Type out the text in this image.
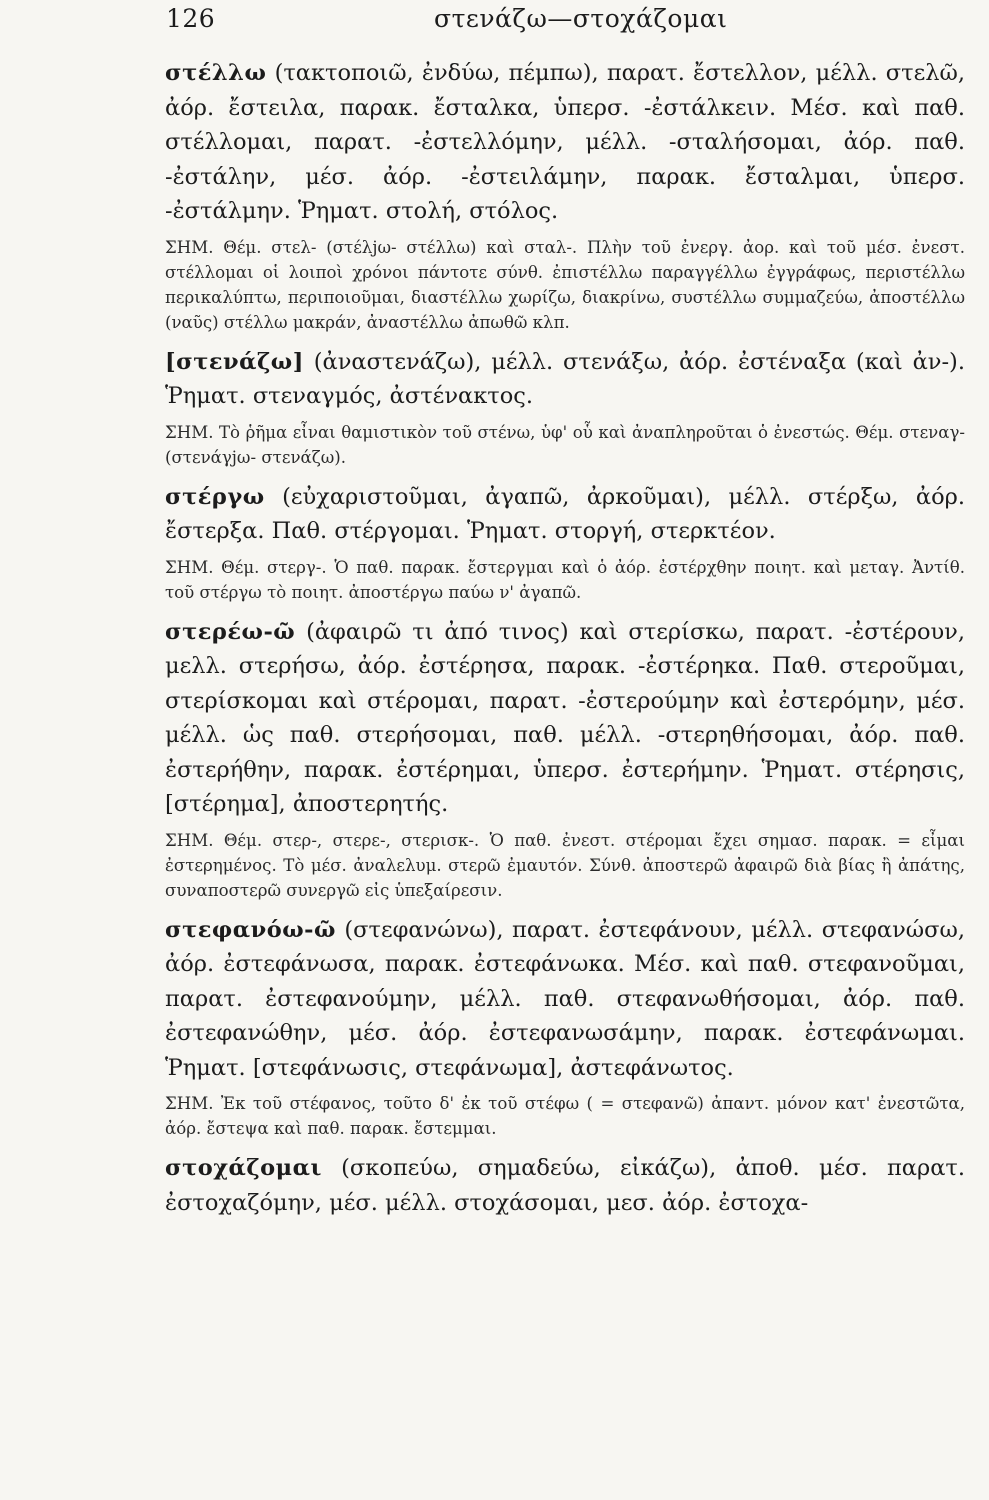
126	στενάζω—στοχάζομαι

στέλλω (τακτοποιῶ, ἐνδύω, πέμπω), παρατ. ἔστελλον, μέλλ. στελῶ, ἀόρ. ἔστειλα, παρακ. ἔσταλκα, ὑπερσ. -ἐστάλκειν. Μέσ. καὶ παθ. στέλλομαι, παρατ. -ἐστελλόμην, μέλλ. -σταλήσομαι, ἀόρ. παθ. -ἐστάλην, μέσ. ἀόρ. -ἐστειλάμην, παρακ. ἔσταλμαι, ὑπερσ. -ἐστάλμην. Ῥηματ. στολή, στόλος.

ΣΗΜ. Θέμ. στελ- (στέλjω- στέλλω) καὶ σταλ-. Πλὴν τοῦ ἐνεργ. ἀορ. καὶ τοῦ μέσ. ἐνεστ. στέλλομαι οἱ λοιποὶ χρόνοι πάντοτε σύνθ. ἐπιστέλλω παραγγέλλω ἐγγράφως, περιστέλλω περικαλύπτω, περιποιοῦμαι, διαστέλλω χωρίζω, διακρίνω, συστέλλω συμμαζεύω, ἀποστέλλω (ναῦς) στέλλω μακράν, ἀναστέλλω ἀπωθῶ κλπ.

[στενάζω] (ἀναστενάζω), μέλλ. στενάξω, ἀόρ. ἐστέναξα (καὶ ἀν-). Ῥηματ. στεναγμός, ἀστένακτος.

ΣΗΜ. Τὸ ῥῆμα εἶναι θαμιστικὸν τοῦ στένω, ὑφ' οὗ καὶ ἀναπληροῦται ὁ ἐνεστώς. Θέμ. στεναγ- (στενάγjω- στενάζω).

στέργω (εὐχαριστοῦμαι, ἀγαπῶ, ἀρκοῦμαι), μέλλ. στέρξω, ἀόρ. ἔστερξα. Παθ. στέργομαι. Ῥηματ. στοργή, στερκτέον.

ΣΗΜ. Θέμ. στεργ-. Ὁ παθ. παρακ. ἔστεργμαι καὶ ὁ ἀόρ. ἐστέρχθην ποιητ. καὶ μεταγ. Ἀντίθ. τοῦ στέργω τὸ ποιητ. ἀποστέργω παύω ν' ἀγαπῶ.

στερέω-ῶ (ἀφαιρῶ τι ἀπό τινος) καὶ στερίσκω, παρατ. -ἐστέρουν, μελλ. στερήσω, ἀόρ. ἐστέρησα, παρακ. -ἐστέρηκα. Παθ. στεροῦμαι, στερίσκομαι καὶ στέρομαι, παρατ. -ἐστερούμην καὶ ἐστερόμην, μέσ. μέλλ. ὡς παθ. στερήσομαι, παθ. μέλλ. -στερηθήσομαι, ἀόρ. παθ. ἐστερήθην, παρακ. ἐστέρημαι, ὑπερσ. ἐστερήμην. Ῥηματ. στέρησις, [στέρημα], ἀποστερητής.

ΣΗΜ. Θέμ. στερ-, στερε-, στερισκ-. Ὁ παθ. ἐνεστ. στέρομαι ἔχει σημασ. παρακ. = εἶμαι ἐστερημένος. Τὸ μέσ. ἀναλελυμ. στερῶ ἐμαυτόν. Σύνθ. ἀποστερῶ ἀφαιρῶ διὰ βίας ἢ ἀπάτης, συναποστερῶ συνεργῶ εἰς ὑπεξαίρεσιν.

στεφανόω-ῶ (στεφανώνω), παρατ. ἐστεφάνουν, μέλλ. στεφανώσω, ἀόρ. ἐστεφάνωσα, παρακ. ἐστεφάνωκα. Μέσ. καὶ παθ. στεφανοῦμαι, παρατ. ἐστεφανούμην, μέλλ. παθ. στεφανωθήσομαι, ἀόρ. παθ. ἐστεφανώθην, μέσ. ἀόρ. ἐστεφανωσάμην, παρακ. ἐστεφάνωμαι. Ῥηματ. [στεφάνωσις, στεφάνωμα], ἀστεφάνωτος.

ΣΗΜ. Ἐκ τοῦ στέφανος, τοῦτο δ' ἐκ τοῦ στέφω ( = στεφανῶ) ἀπαντ. μόνον κατ' ἐνεστῶτα, ἀόρ. ἔστεψα καὶ παθ. παρακ. ἔστεμμαι.

στοχάζομαι (σκοπεύω, σημαδεύω, εἰκάζω), ἀποθ. μέσ. παρατ. ἐστοχαζόμην, μέσ. μέλλ. στοχάσομαι, μεσ. ἀόρ. ἐστοχα-
